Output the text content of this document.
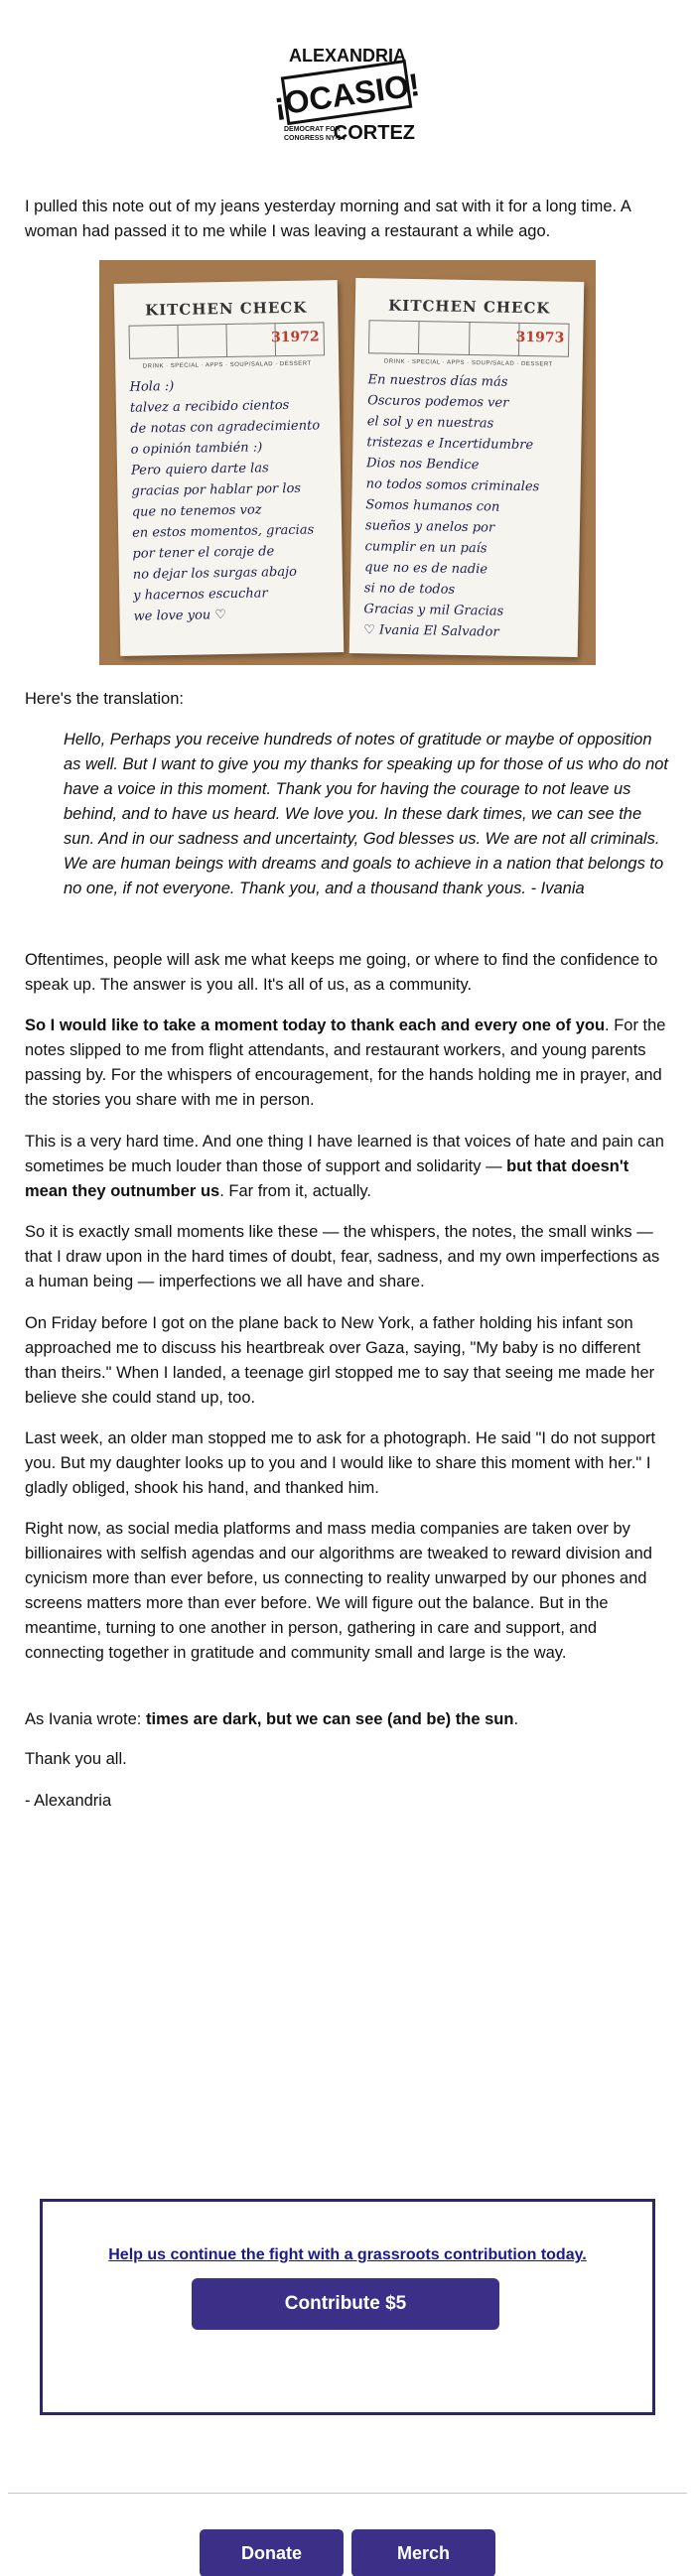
ALEXANDRIA
¡OCASIO!
DEMOCRAT FOR
CONGRESS NY-14
CORTEZ
I pulled this note out of my jeans yesterday morning and sat with it for a long time. A woman had passed it to me while I was leaving a restaurant a while ago.
KITCHEN CHECK
31972
DRINK · SPECIAL · APPS · SOUP/SALAD · DESSERT
Hola :)
talvez a recibido cientos
de notas con agradecimiento
o opinión también :)
Pero quiero darte las
gracias por hablar por los
que no tenemos voz
en estos momentos, gracias
por tener el coraje de
no dejar los surgas abajo
y hacernos escuchar
we love you ♡
KITCHEN CHECK
31973
DRINK · SPECIAL · APPS · SOUP/SALAD · DESSERT
En nuestros días más
Oscuros podemos ver
el sol y en nuestras
tristezas e Incertidumbre
Dios nos Bendice
no todos somos criminales
Somos humanos con
sueños y anelos por
cumplir en un país
que no es de nadie
si no de todos
Gracias y mil Gracias
♡ Ivania El Salvador
Here's the translation:
Hello, Perhaps you receive hundreds of notes of gratitude or maybe of opposition as well. But I want to give you my thanks for speaking up for those of us who do not have a voice in this moment. Thank you for having the courage to not leave us behind, and to have us heard. We love you. In these dark times, we can see the sun. And in our sadness and uncertainty, God blesses us. We are not all criminals. We are human beings with dreams and goals to achieve in a nation that belongs to no one, if not everyone. Thank you, and a thousand thank yous. - Ivania
Oftentimes, people will ask me what keeps me going, or where to find the confidence to speak up. The answer is you all. It's all of us, as a community.
So I would like to take a moment today to thank each and every one of you. For the notes slipped to me from flight attendants, and restaurant workers, and young parents passing by. For the whispers of encouragement, for the hands holding me in prayer, and the stories you share with me in person.
This is a very hard time. And one thing I have learned is that voices of hate and pain can sometimes be much louder than those of support and solidarity — but that doesn't mean they outnumber us. Far from it, actually.
So it is exactly small moments like these — the whispers, the notes, the small winks — that I draw upon in the hard times of doubt, fear, sadness, and my own imperfections as a human being — imperfections we all have and share.
On Friday before I got on the plane back to New York, a father holding his infant son approached me to discuss his heartbreak over Gaza, saying, "My baby is no different than theirs." When I landed, a teenage girl stopped me to say that seeing me made her believe she could stand up, too.
Last week, an older man stopped me to ask for a photograph. He said "I do not support you. But my daughter looks up to you and I would like to share this moment with her." I gladly obliged, shook his hand, and thanked him.
Right now, as social media platforms and mass media companies are taken over by billionaires with selfish agendas and our algorithms are tweaked to reward division and cynicism more than ever before, us connecting to reality unwarped by our phones and screens matters more than ever before. We will figure out the balance. But in the meantime, turning to one another in person, gathering in care and support, and connecting together in gratitude and community small and large is the way.
As Ivania wrote: times are dark, but we can see (and be) the sun.
Thank you all.
- Alexandria
Help us continue the fight with a grassroots contribution today.
Contribute $5
Donate	Merch
